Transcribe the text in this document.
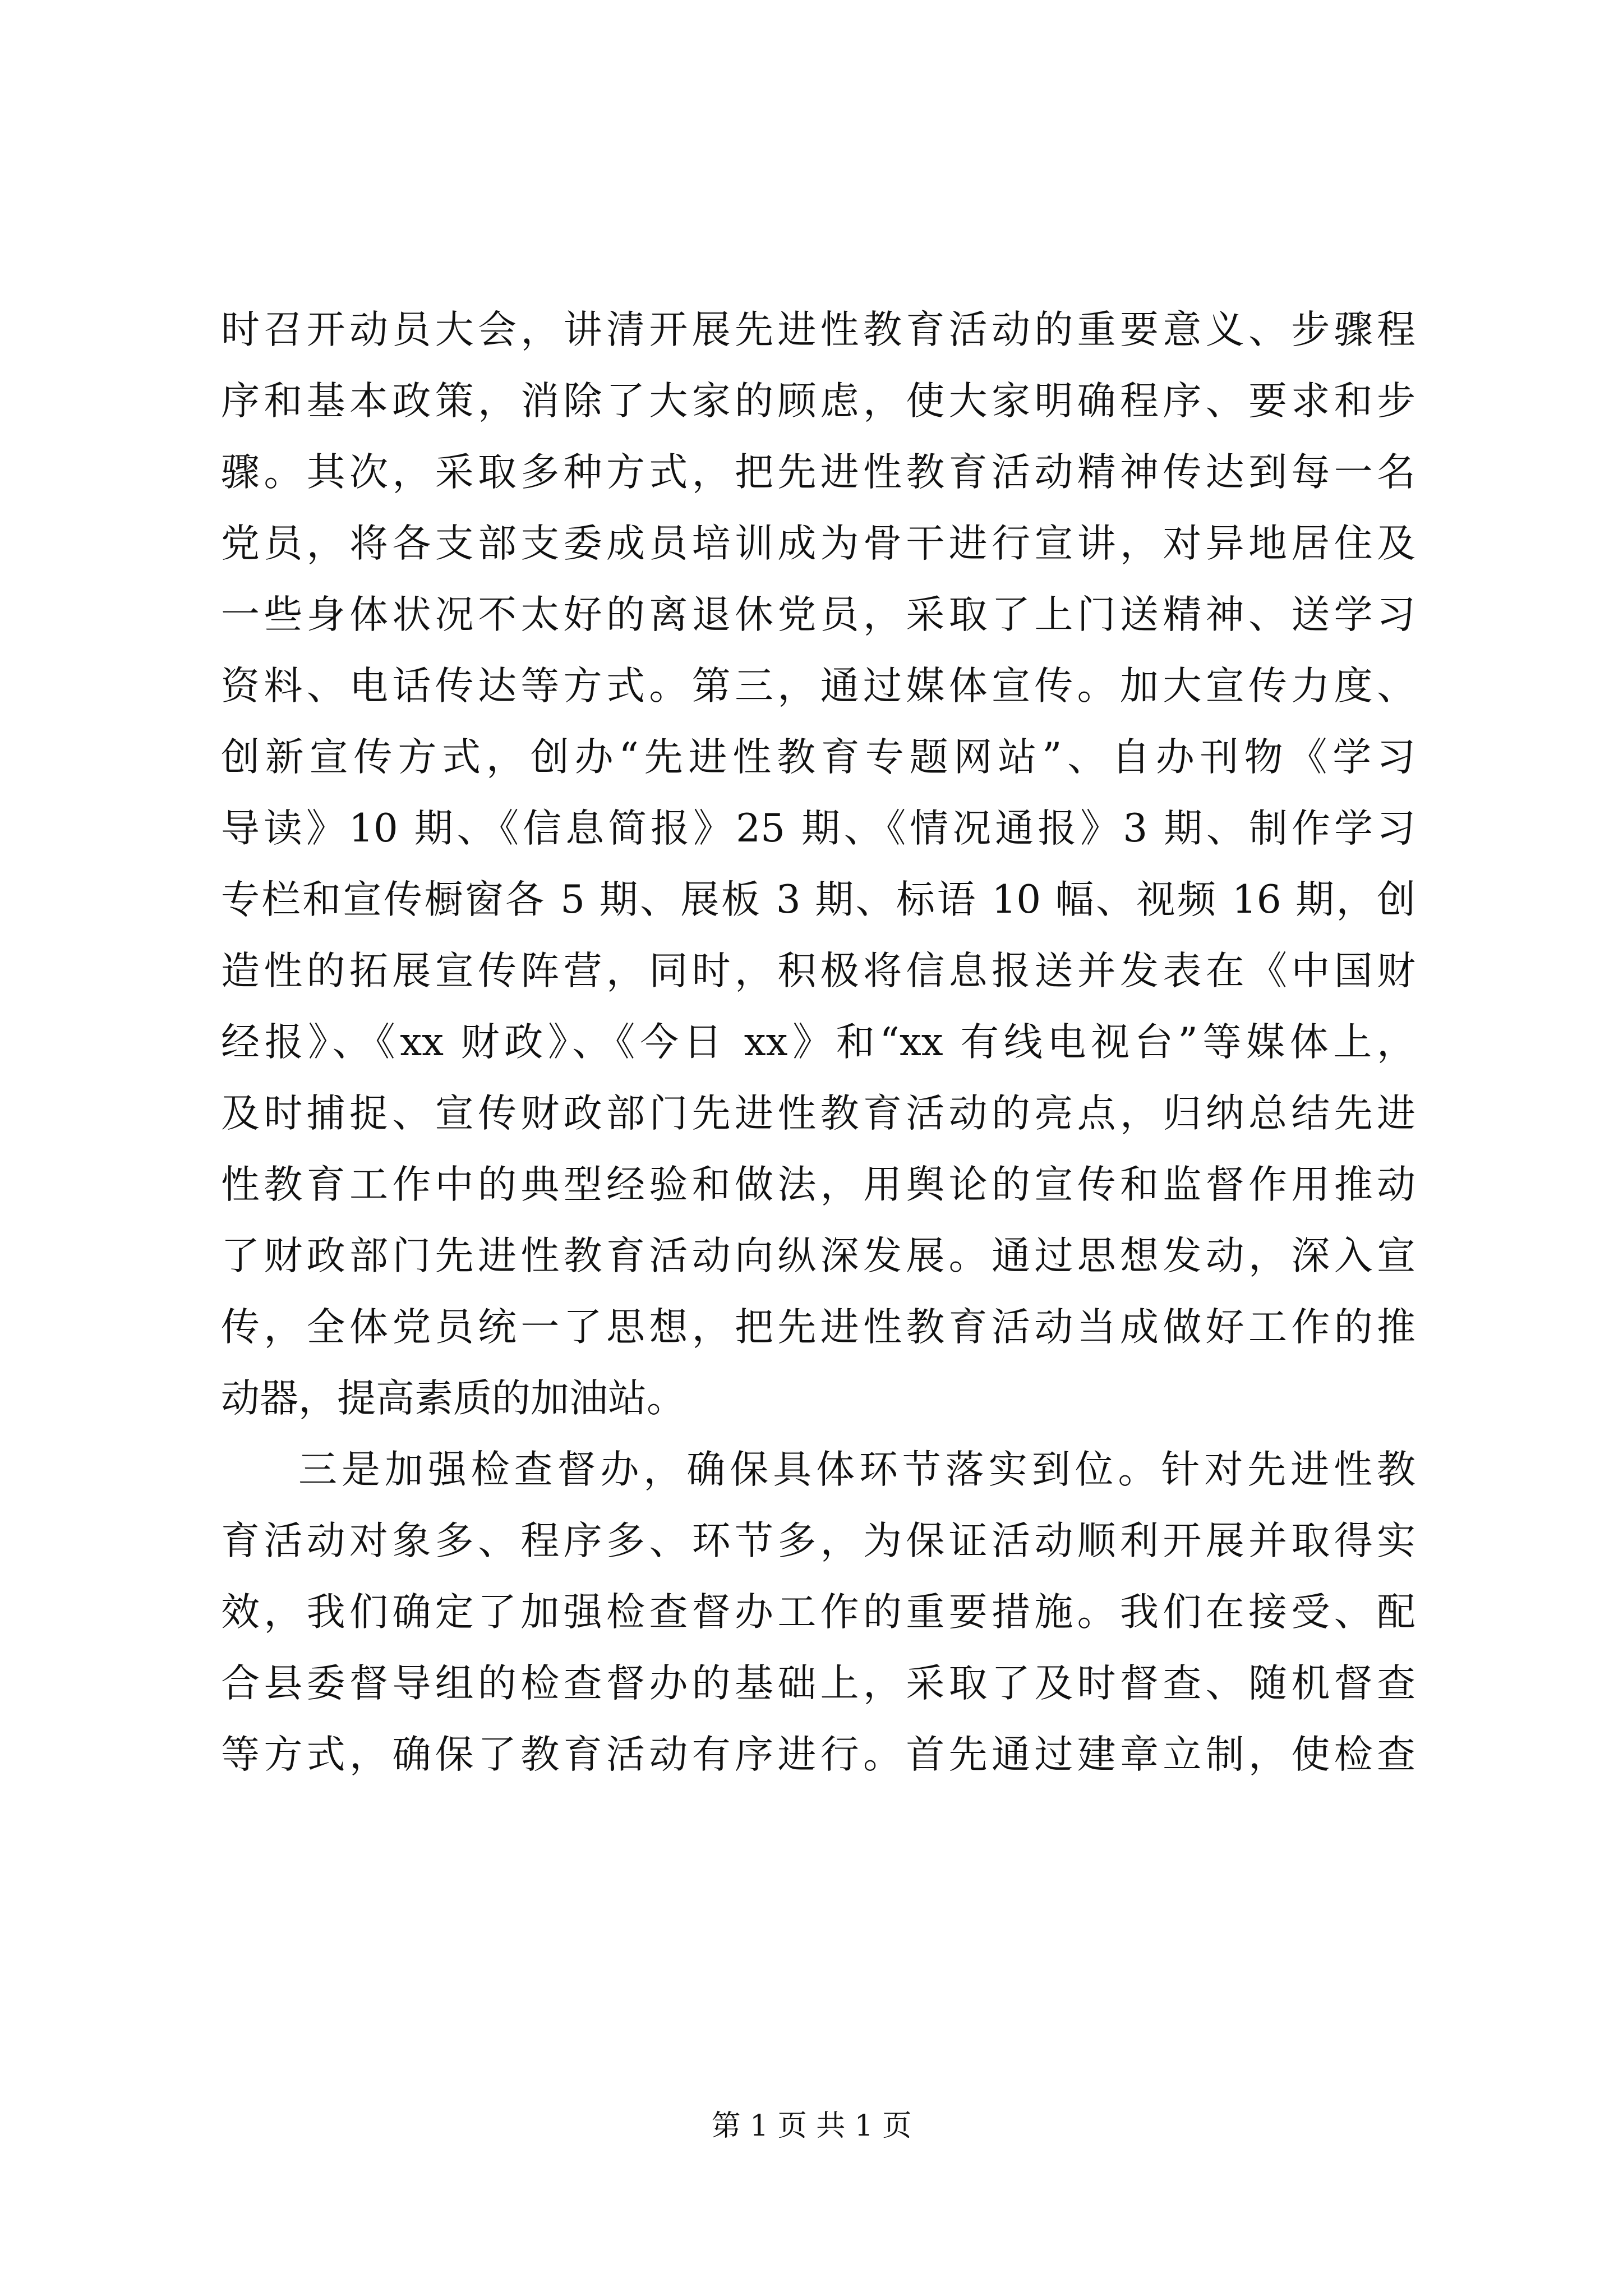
时召开动员大会，讲清开展先进性教育活动的重要意义、步骤程
序和基本政策，消除了大家的顾虑，使大家明确程序、要求和步
骤。其次，采取多种方式，把先进性教育活动精神传达到每一名
党员，将各支部支委成员培训成为骨干进行宣讲，对异地居住及
一些身体状况不太好的离退休党员，采取了上门送精神、送学习
资料、电话传达等方式。第三，通过媒体宣传。加大宣传力度、
创新宣传方式，创办“先进性教育专题网站”、自办刊物《学习
导读》10 期、《信息简报》25 期、《情况通报》3 期、制作学习
专栏和宣传橱窗各 5 期、展板 3 期、标语 10 幅、视频 16 期，创
造性的拓展宣传阵营，同时，积极将信息报送并发表在《中国财
经报》、《xx 财政》、《今日 xx》和“xx 有线电视台”等媒体上，
及时捕捉、宣传财政部门先进性教育活动的亮点，归纳总结先进
性教育工作中的典型经验和做法，用舆论的宣传和监督作用推动
了财政部门先进性教育活动向纵深发展。通过思想发动，深入宣
传，全体党员统一了思想，把先进性教育活动当成做好工作的推
动器，提高素质的加油站。
三是加强检查督办，确保具体环节落实到位。针对先进性教
育活动对象多、程序多、环节多，为保证活动顺利开展并取得实
效，我们确定了加强检查督办工作的重要措施。我们在接受、配
合县委督导组的检查督办的基础上，采取了及时督查、随机督查
等方式，确保了教育活动有序进行。首先通过建章立制，使检查
第 1 页 共 1 页
